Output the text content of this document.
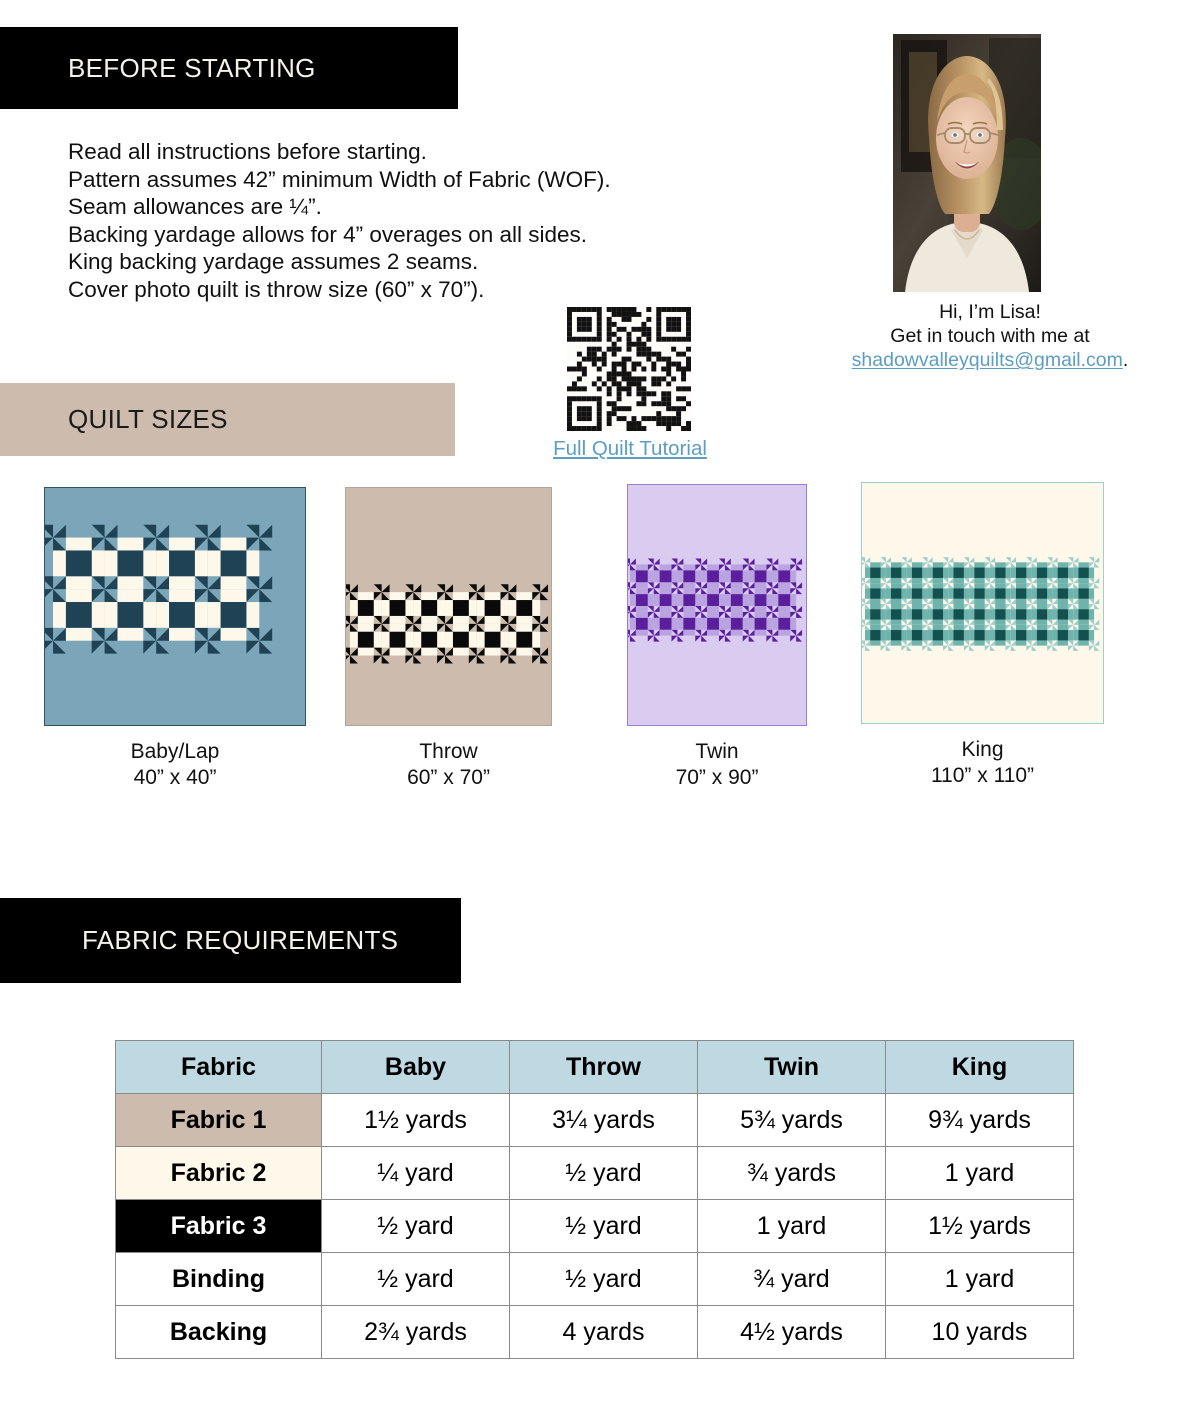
BEFORE STARTING
Read all instructions before starting.
Pattern assumes 42” minimum Width of Fabric (WOF).
Seam allowances are ¼”.
Backing yardage allows for 4” overages on all sides.
King backing yardage assumes 2 seams.
Cover photo quilt is throw size (60” x 70”).
Hi, I’m Lisa!
Get in touch with me at
shadowvalleyquilts@gmail.com.
Full Quilt Tutorial
Baby/Lap
40” x 40”
Throw
60” x 70”
Twin
70” x 90”
King
110” x 110”
QUILT SIZES
FABRIC REQUIREMENTS
Fabric	Baby	Throw	Twin	King
Fabric 1	1½ yards	3¼ yards	5¾ yards	9¾ yards
Fabric 2	¼ yard	½ yard	¾ yards	1 yard
Fabric 3	½ yard	½ yard	1 yard	1½ yards
Binding	½ yard	½ yard	¾ yard	1 yard
Backing	2¾ yards	4 yards	4½ yards	10 yards
